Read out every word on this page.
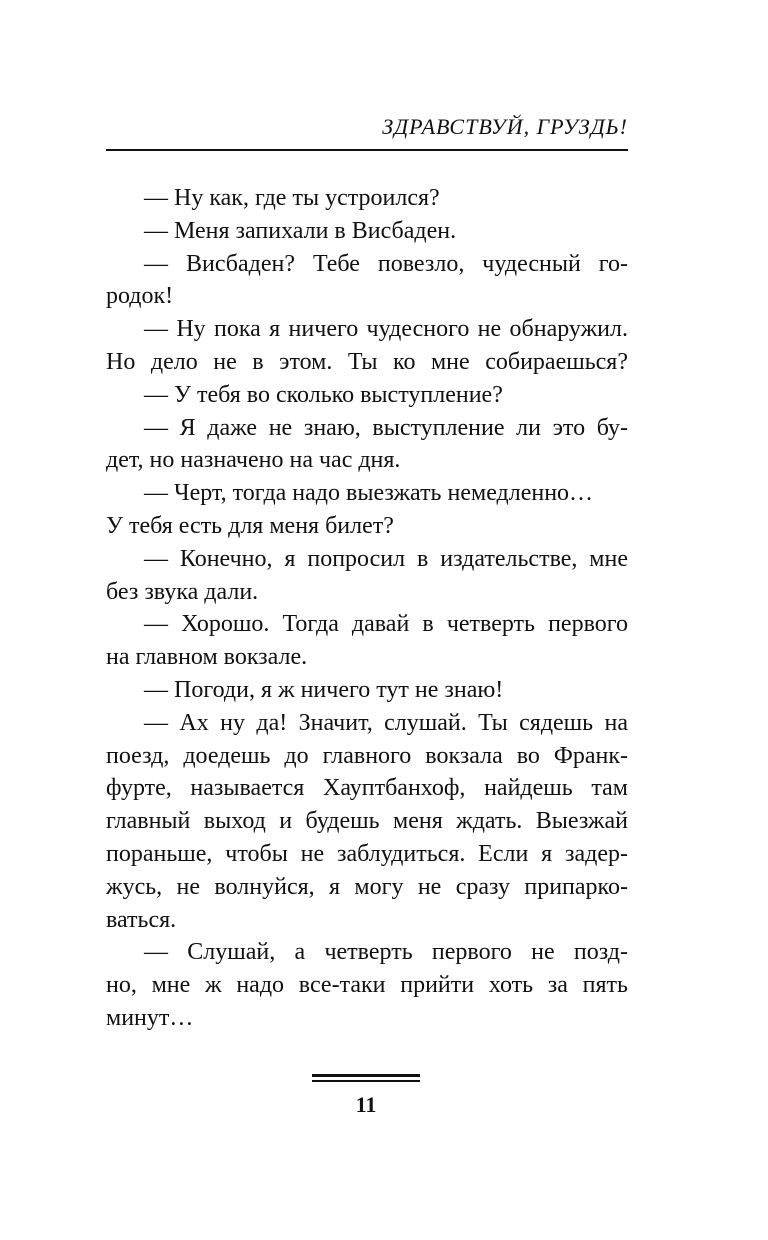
ЗДРАВСТВУЙ, ГРУЗДЬ!
— Ну как, где ты устроился?
— Меня запихали в Висбаден.
— Висбаден? Тебе повезло, чудесный го-
родок!
— Ну пока я ничего чудесного не обнаружил.
Но дело не в этом. Ты ко мне собираешься?
— У тебя во сколько выступление?
— Я даже не знаю, выступление ли это бу-
дет, но назначено на час дня.
— Черт, тогда надо выезжать немедленно…
У тебя есть для меня билет?
— Конечно, я попросил в издательстве, мне
без звука дали.
— Хорошо. Тогда давай в четверть первого
на главном вокзале.
— Погоди, я ж ничего тут не знаю!
— Ах ну да! Значит, слушай. Ты сядешь на
поезд, доедешь до главного вокзала во Франк-
фурте, называется Хауптбанхоф, найдешь там
главный выход и будешь меня ждать. Выезжай
пораньше, чтобы не заблудиться. Если я задер-
жусь, не волнуйся, я могу не сразу припарко-
ваться.
— Слушай, а четверть первого не позд-
но, мне ж надо все-таки прийти хоть за пять
минут…
11
